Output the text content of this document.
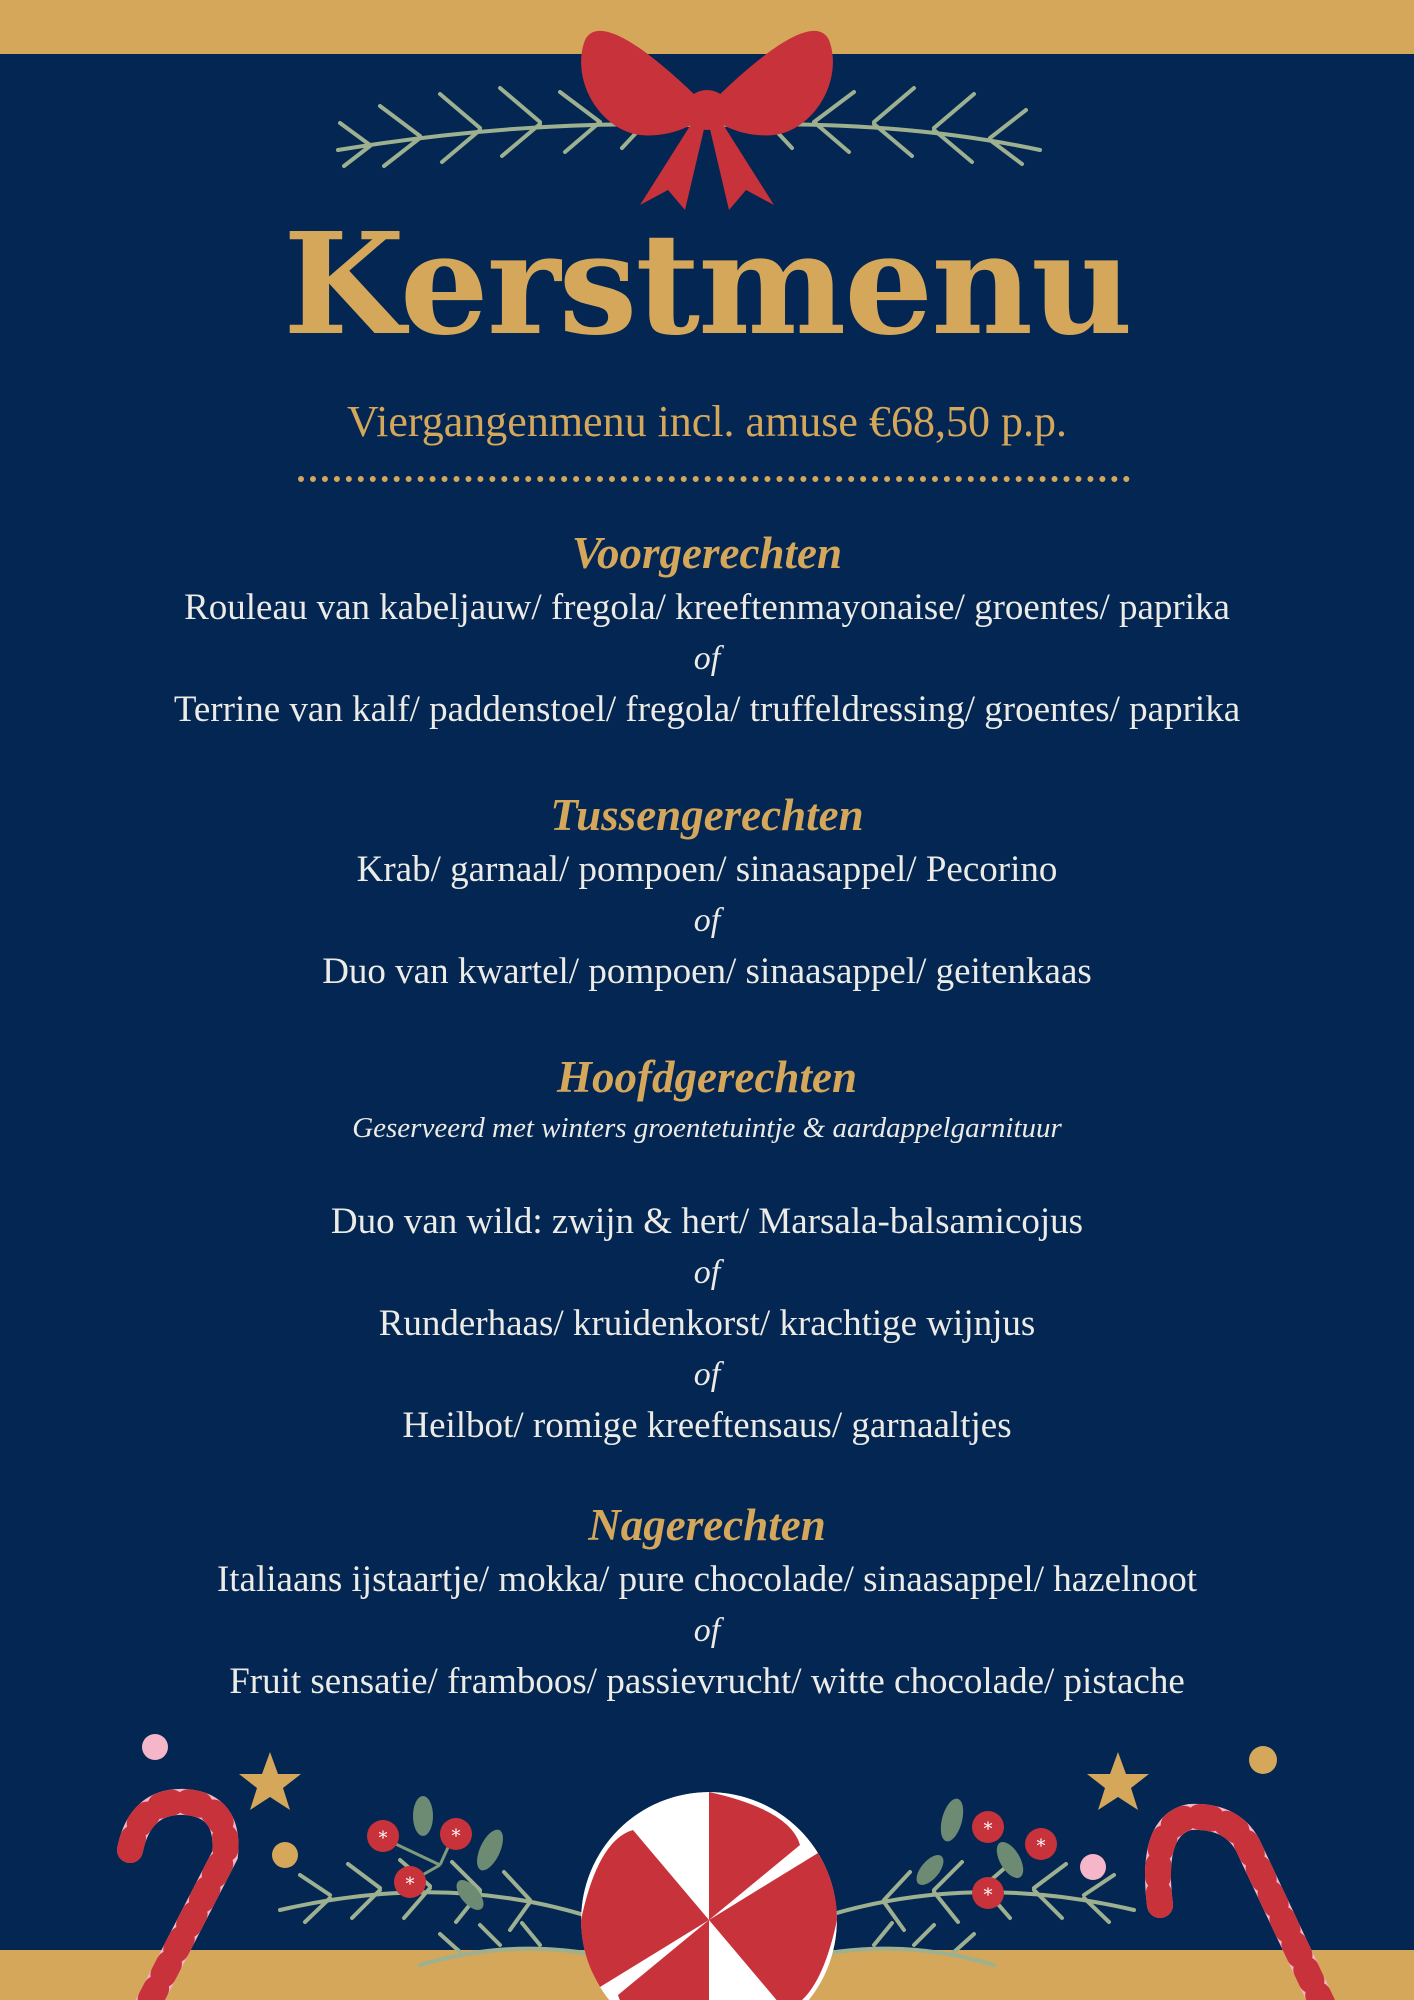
Kerstmenu
Viergangenmenu incl. amuse €68,50 p.p.
Voorgerechten
Rouleau van kabeljauw/ fregola/ kreeftenmayonaise/ groentes/ paprika
of
Terrine van kalf/ paddenstoel/ fregola/ truffeldressing/ groentes/ paprika
Tussengerechten
Krab/ garnaal/ pompoen/ sinaasappel/ Pecorino
of
Duo van kwartel/ pompoen/ sinaasappel/ geitenkaas
Hoofdgerechten
Geserveerd met winters groentetuintje & aardappelgarnituur
Duo van wild: zwijn & hert/ Marsala-balsamicojus
of
Runderhaas/ kruidenkorst/ krachtige wijnjus
of
Heilbot/ romige kreeftensaus/ garnaaltjes
Nagerechten
Italiaans ijstaartje/ mokka/ pure chocolade/ sinaasappel/ hazelnoot
of
Fruit sensatie/ framboos/ passievrucht/ witte chocolade/ pistache
*	*
*
*
*
*
